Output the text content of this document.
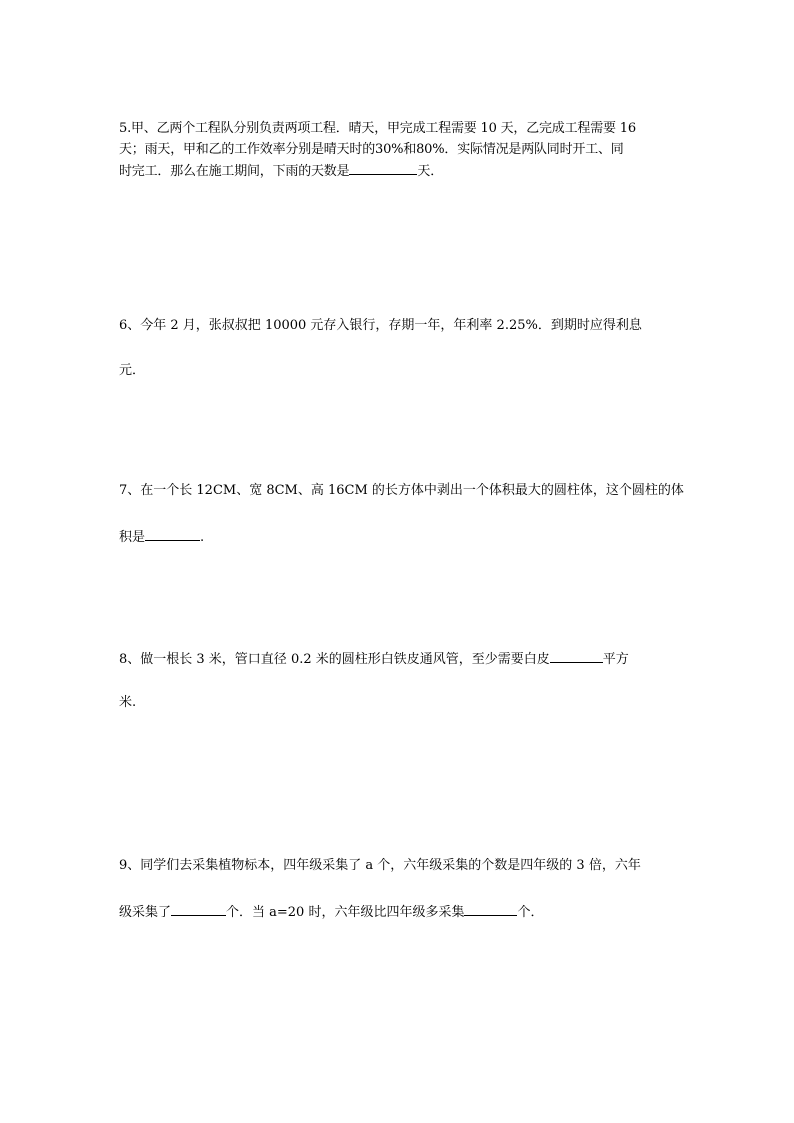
5.甲、乙两个工程队分别负责两项工程．晴天，甲完成工程需要 10 天，乙完成工程需要 16
天；雨天，甲和乙的工作效率分别是晴天时的30%和80%．实际情况是两队同时开工、同
时完工．那么在施工期间，下雨的天数是	天．
6、今年 2 月，张叔叔把 10000 元存入银行，存期一年，年利率 2.25%．到期时应得利息
元．
7、在一个长 12CM、宽 8CM、高 16CM 的长方体中剥出一个体积最大的圆柱体，这个圆柱的体
积是	.
8、做一根长 3 米，管口直径 0.2 米的圆柱形白铁皮通风管，至少需要白皮	平方
米.
9、同学们去采集植物标本，四年级采集了 a 个，六年级采集的个数是四年级的 3 倍，六年
级采集了	个．当 a=20 时，六年级比四年级多采集	个．
